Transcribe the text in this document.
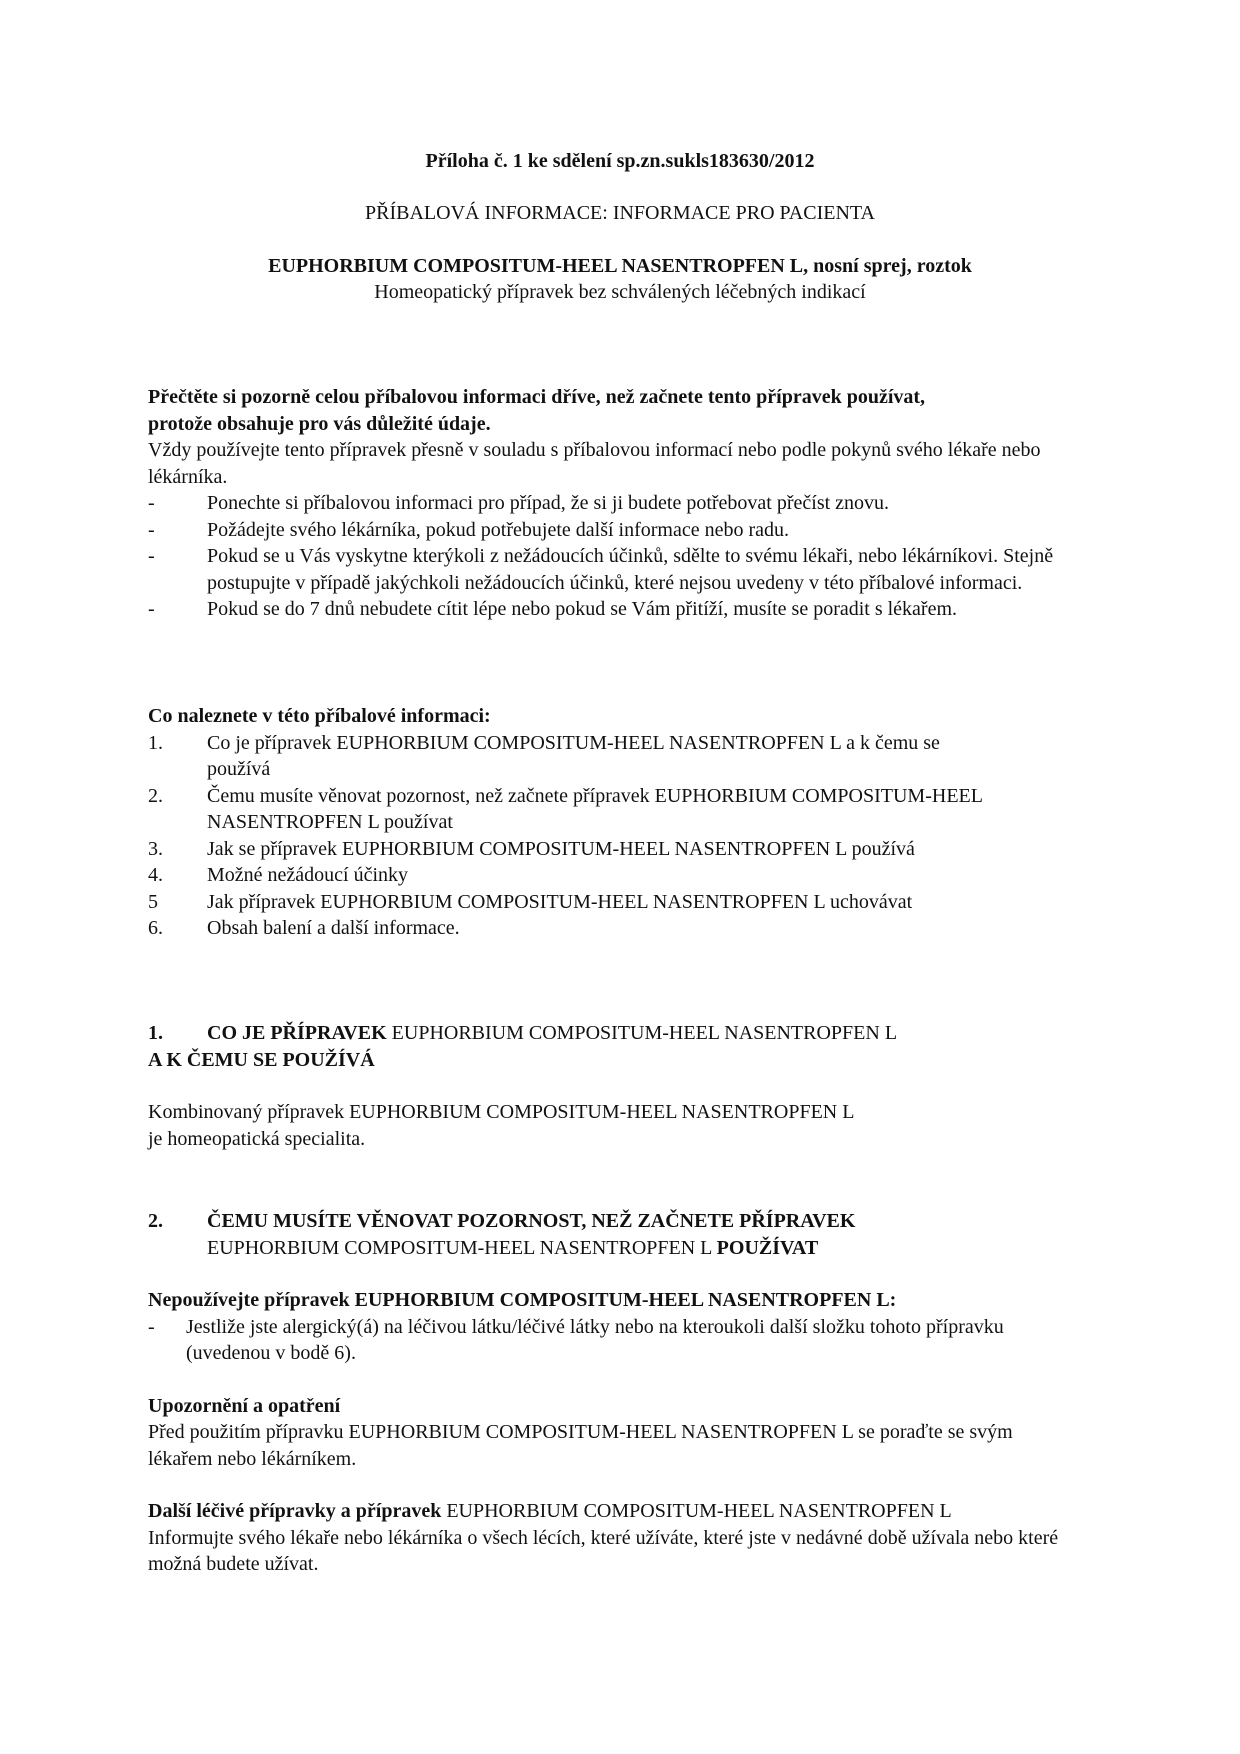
Příloha č. 1 ke sdělení sp.zn.sukls183630/2012
PŘÍBALOVÁ INFORMACE: INFORMACE PRO PACIENTA
EUPHORBIUM COMPOSITUM-HEEL NASENTROPFEN L, nosní sprej, roztok
Homeopatický přípravek bez schválených léčebných indikací

Přečtěte si pozorně celou příbalovou informaci dříve, než začnete tento přípravek používat,

protože obsahuje pro vás důležité údaje.

Vždy používejte tento přípravek přesně v souladu s příbalovou informací nebo podle pokynů svého lékaře nebo lékárníka.

-	Ponechte si příbalovou informaci pro případ, že si ji budete potřebovat přečíst znovu.
-	Požádejte svého lékárníka, pokud potřebujete další informace nebo radu.
-	Pokud se u Vás vyskytne kterýkoli z nežádoucích účinků, sdělte to svému lékaři, nebo lékárníkovi. Stejně postupujte v případě jakýchkoli nežádoucích účinků, které nejsou uvedeny v této příbalové informaci.
-	Pokud se do 7 dnů nebudete cítit lépe nebo pokud se Vám přitíží, musíte se poradit s lékařem.

Co naleznete v této příbalové informaci:

1. Co je přípravek EUPHORBIUM COMPOSITUM-HEEL NASENTROPFEN L a k čemu se používá
2. Čemu musíte věnovat pozornost, než začnete přípravek EUPHORBIUM COMPOSITUM-HEEL NASENTROPFEN L používat
3. Jak se přípravek EUPHORBIUM COMPOSITUM-HEEL NASENTROPFEN L používá
4. Možné nežádoucí účinky
5 Jak přípravek EUPHORBIUM COMPOSITUM-HEEL NASENTROPFEN L uchovávat
6. Obsah balení a další informace.
1. CO JE PŘÍPRAVEK EUPHORBIUM COMPOSITUM-HEEL NASENTROPFEN L

A K ČEMU SE POUŽÍVÁ

Kombinovaný přípravek EUPHORBIUM COMPOSITUM-HEEL NASENTROPFEN L

je homeopatická specialita.

2. ČEMU MUSÍTE VĚNOVAT POZORNOST, NEŽ ZAČNETE PŘÍPRAVEK
EUPHORBIUM COMPOSITUM-HEEL NASENTROPFEN L POUŽÍVAT

Nepoužívejte přípravek EUPHORBIUM COMPOSITUM-HEEL NASENTROPFEN L:

- Jestliže jste alergický(á) na léčivou látku/léčivé látky nebo na kteroukoli další složku tohoto přípravku (uvedenou v bodě 6).

Upozornění a opatření

Před použitím přípravku EUPHORBIUM COMPOSITUM-HEEL NASENTROPFEN L se poraďte se svým lékařem nebo lékárníkem.

Další léčivé přípravky a přípravek EUPHORBIUM COMPOSITUM-HEEL NASENTROPFEN L

Informujte svého lékaře nebo lékárníka o všech lécích, které užíváte, které jste v nedávné době užívala nebo které možná budete užívat.
